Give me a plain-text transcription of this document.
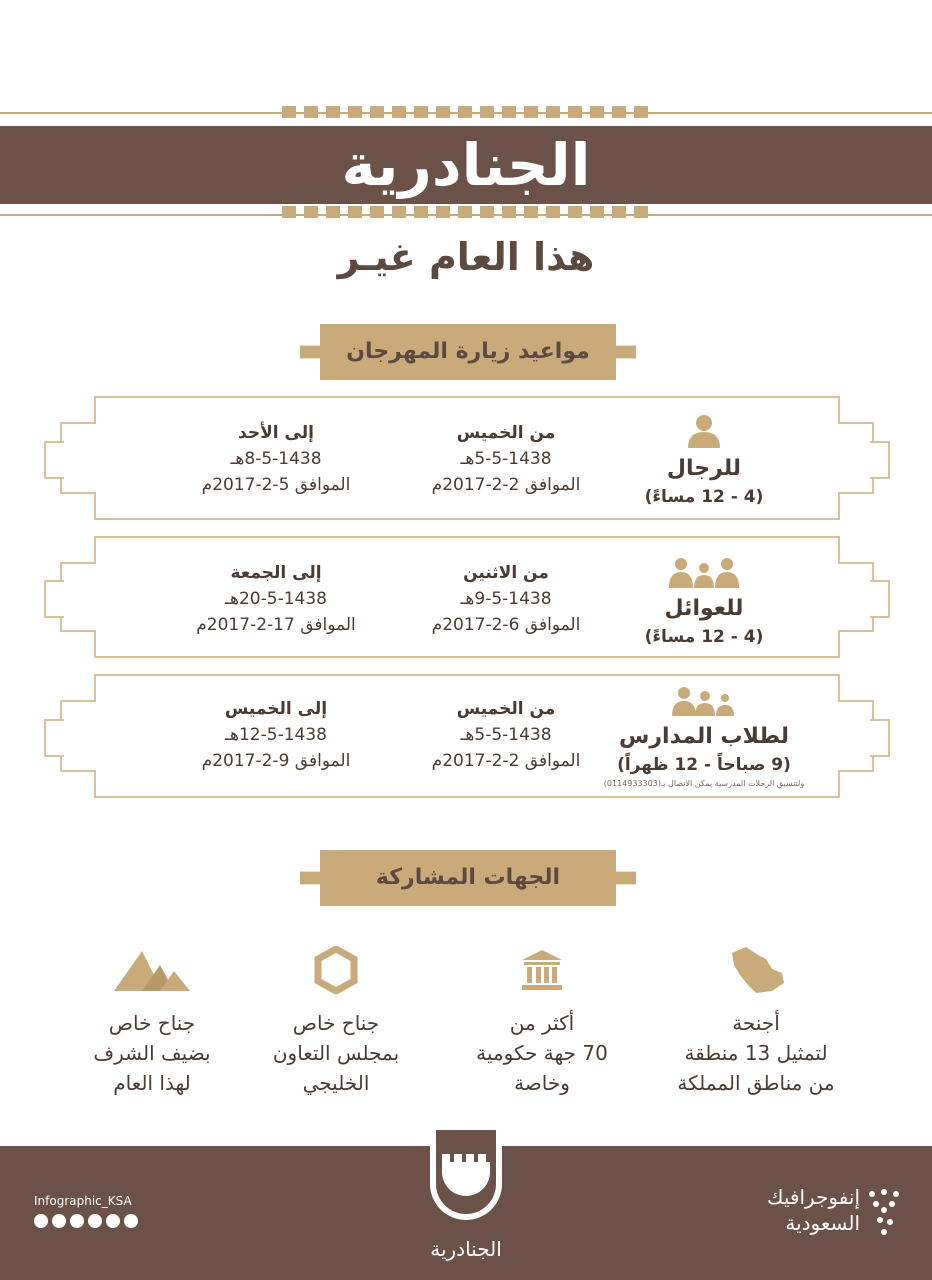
الجنادرية
هذا العام غيـر
مواعيد زيارة المهرجان
للرجال
(4 - 12 مساءً)
من الخميس
5-5-1438هـ
الموافق 2-2-2017م
إلى الأحد
8-5-1438هـ
الموافق 5-2-2017م
للعوائل
(4 - 12 مساءً)
من الاثنين
9-5-1438هـ
الموافق 6-2-2017م
إلى الجمعة
20-5-1438هـ
الموافق 17-2-2017م
لطلاب المدارس
(9 صباحاً - 12 ظهراً)
ولتنسيق الرحلات المدرسية يمكن الاتصال بـ(0114933303)
من الخميس
5-5-1438هـ
الموافق 2-2-2017م
إلى الخميس
12-5-1438هـ
الموافق 9-2-2017م
الجهات المشاركة
أجنحة
لتمثيل 13 منطقة
من مناطق المملكة
أكثر من
70 جهة حكومية
وخاصة
جناح خاص
بمجلس التعاون
الخليجي
جناح خاص
بضيف الشرف
لهذا العام
الجنادرية
Infographic_KSA	إنفوجرافيك
السعودية
